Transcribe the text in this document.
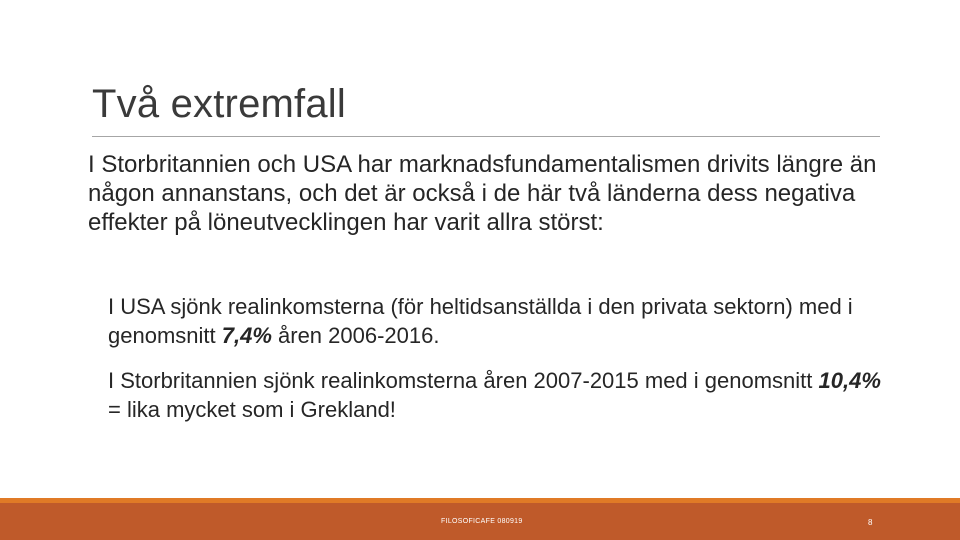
Två extremfall
I Storbritannien och USA har marknadsfundamentalismen drivits längre än någon annanstans, och det är också i de här två länderna dess negativa effekter på löneutvecklingen har varit allra störst:
I USA sjönk realinkomsterna (för heltidsanställda i den privata sektorn) med i genomsnitt 7,4% åren 2006-2016.
I Storbritannien sjönk realinkomsterna åren 2007-2015 med i genomsnitt 10,4% = lika mycket som i Grekland!
FILOSOFICAFE 080919	8
